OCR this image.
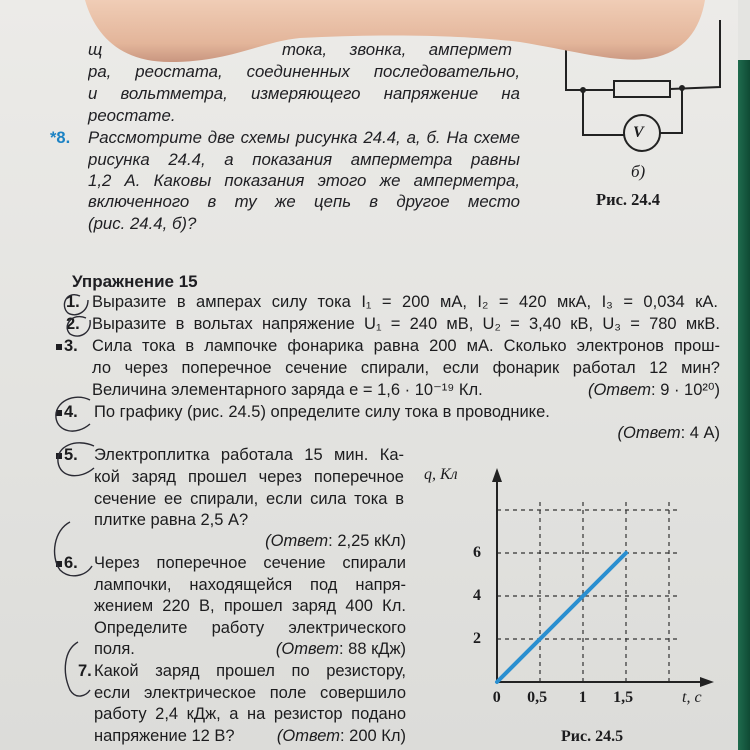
щ	тока, звонка, ампермет
ра, реостата, соединенных последовательно,
и вольтметра, измеряющего напряжение на
реостате.
*8. Рассмотрите две схемы рисунка 24.4, а, б. На схеме
рисунка 24.4, а показания амперметра равны
1,2 А. Каковы показания этого же амперметра,
включенного в ту же цепь в другое место
(рис. 24.4, б)?
V
б)
Рис. 24.4
Упражнение 15
1. Выразите в амперах силу тока I₁ = 200 мА, I₂ = 420 мкА, I₃ = 0,034 кА.
2. Выразите в вольтах напряжение U₁ = 240 мВ, U₂ = 3,40 кВ, U₃ = 780 мкВ.
3. Сила тока в лампочке фонарика равна 200 мА. Сколько электронов прош-
ло через поперечное сечение спирали, если фонарик работал 12 мин?
Величина элементарного заряда e = 1,6 · 10⁻¹⁹ Кл.	(Ответ: 9 · 10²⁰)
4. По графику (рис. 24.5) определите силу тока в проводнике.
(Ответ: 4 А)
5. Электроплитка работала 15 мин. Ка-
кой заряд прошел через поперечное
сечение ее спирали, если сила тока в
плитке равна 2,5 А?
(Ответ: 2,25 кКл)
6. Через поперечное сечение спирали
лампочки, находящейся под напря-
жением 220 В, прошел заряд 400 Кл.
Определите работу электрического
поля.	(Ответ: 88 кДж)
7. Какой заряд прошел по резистору,
если электрическое поле совершило
работу 2,4 кДж, а на резистор подано
напряжение 12 В?	(Ответ: 200 Кл)
q, Кл
t, с
Рис. 24.5
0 0,5 1 1,5
2
4
6
